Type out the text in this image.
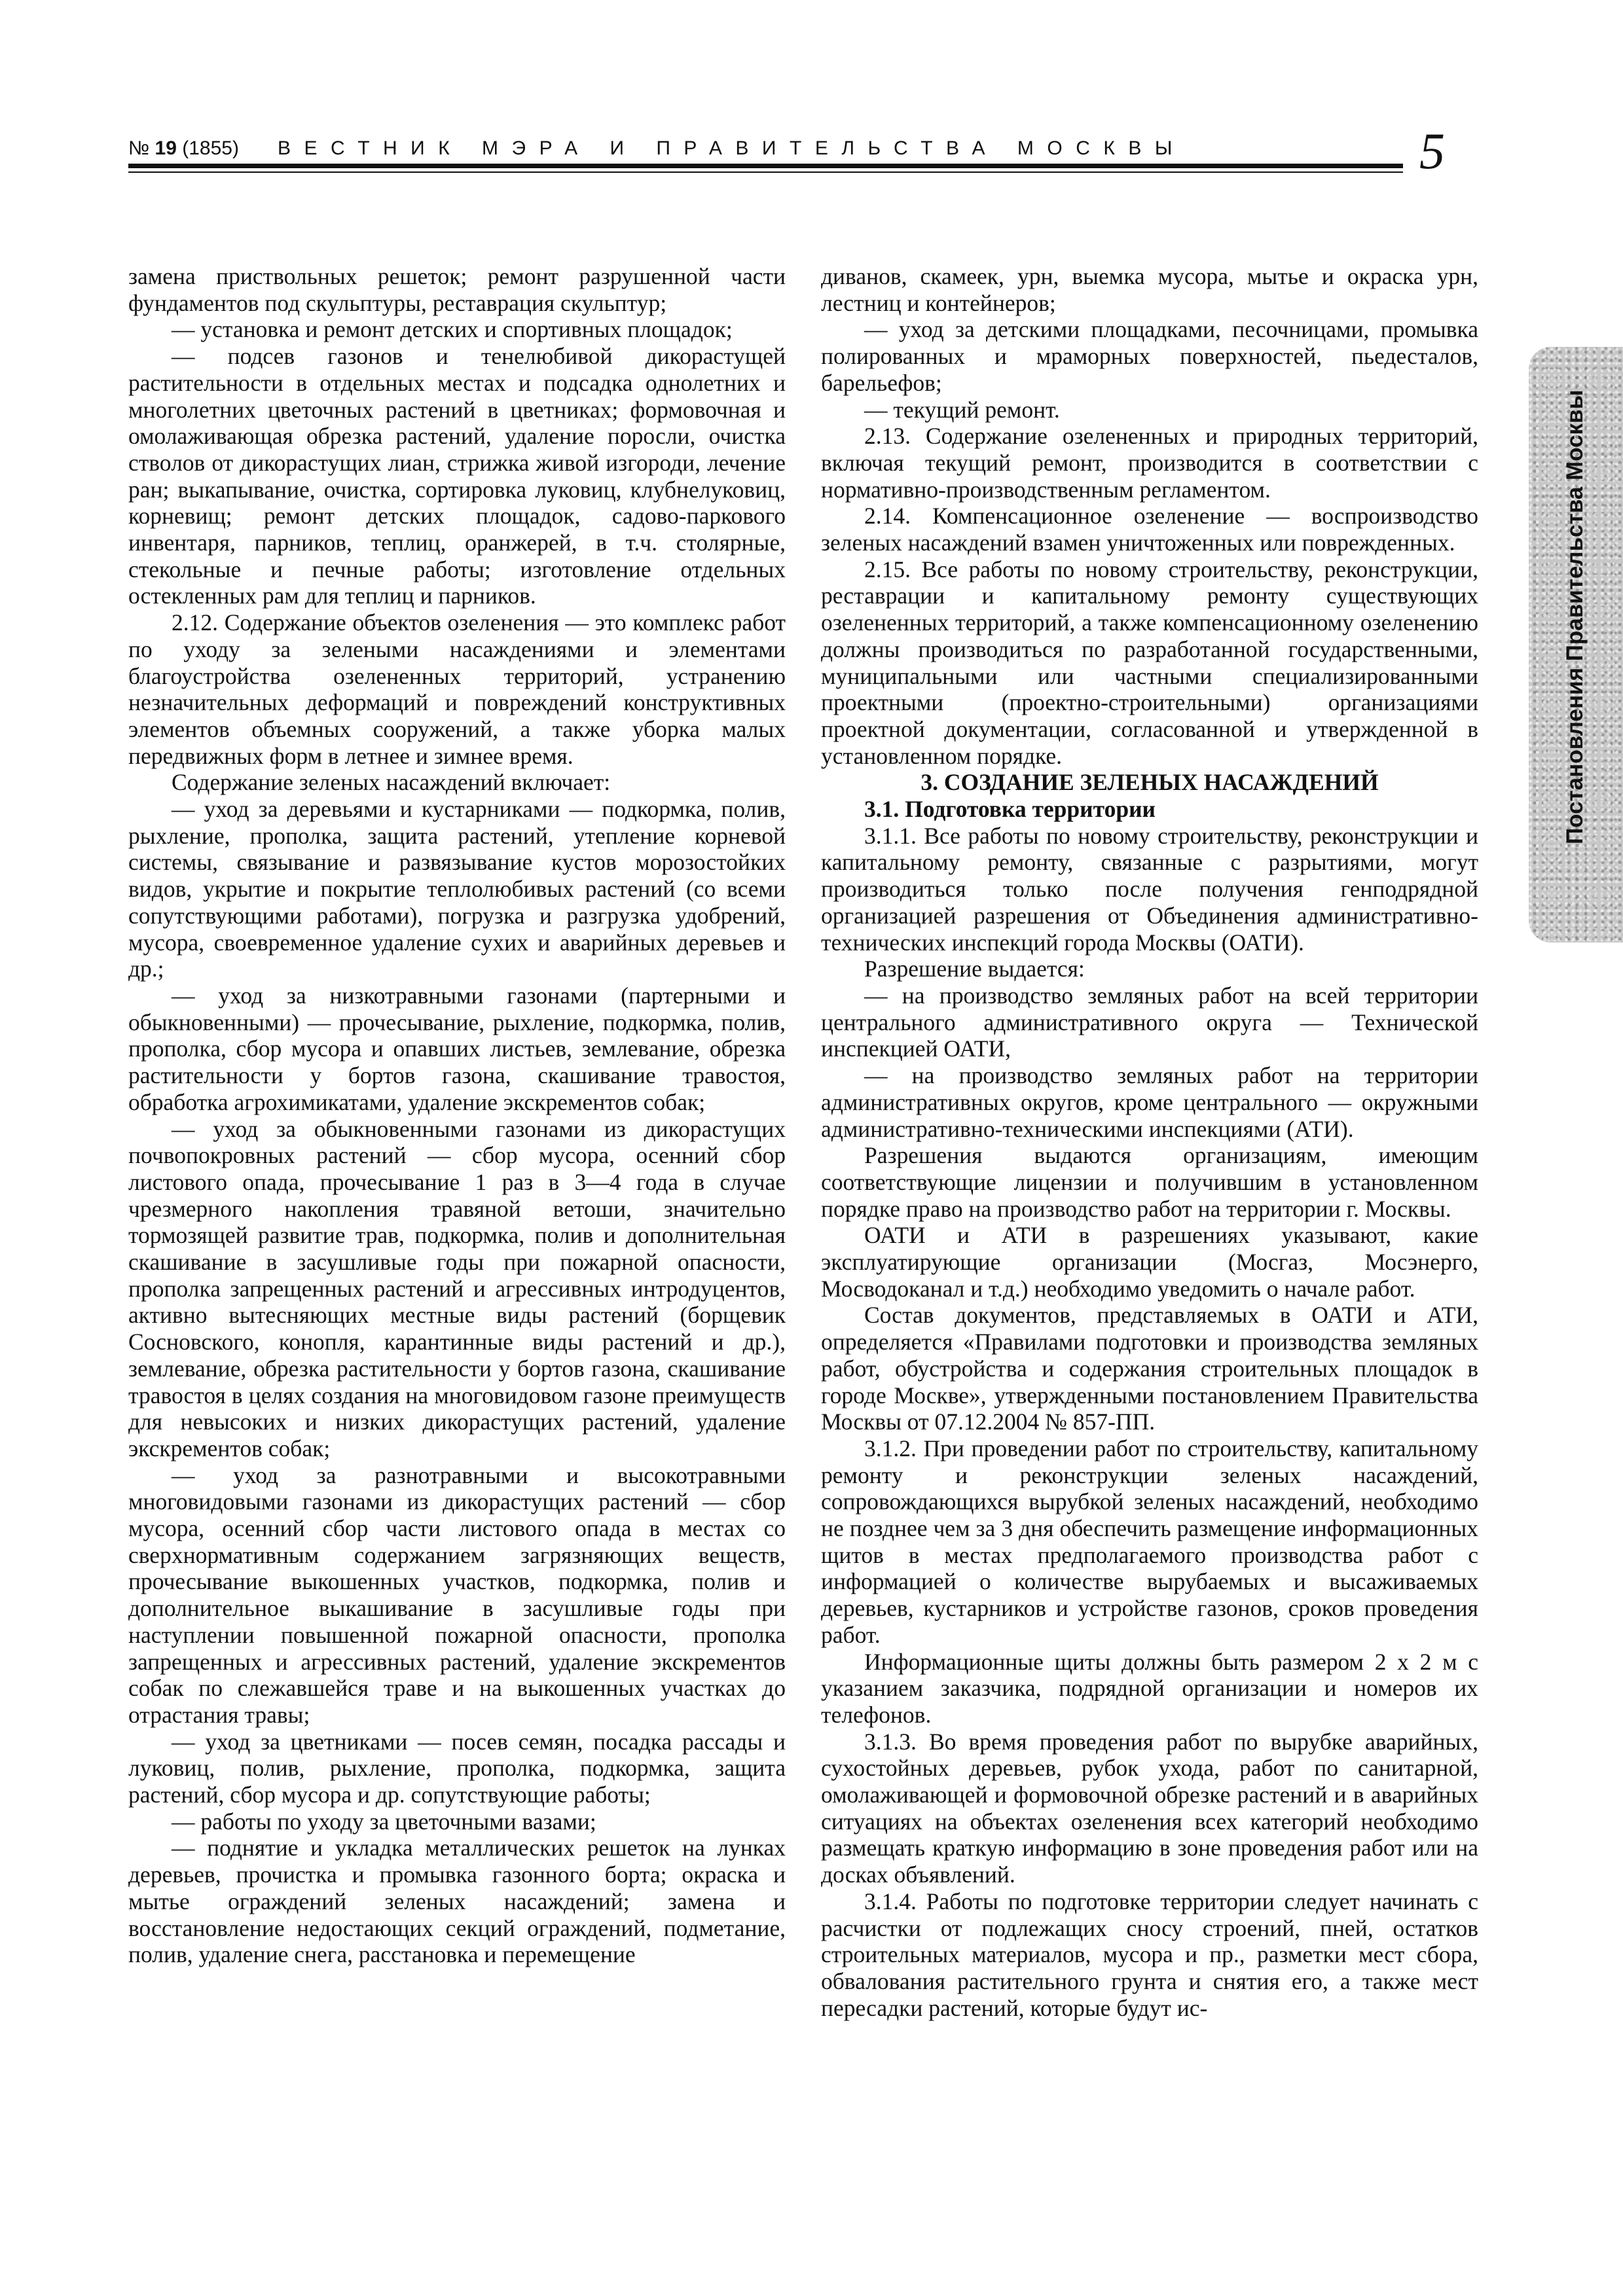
№ 19 (1855) ВЕСТНИК МЭРА И ПРАВИТЕЛЬСТВА МОСКВЫ	5
Постановления Правительства Москвы

замена приствольных решеток; ремонт разрушенной части фундаментов под скульптуры, реставрация скульптур;

— установка и ремонт детских и спортивных площадок;

— подсев газонов и тенелюбивой дикорастущей растительности в отдельных местах и подсадка однолетних и многолетних цветочных растений в цветниках; формовочная и омолаживающая обрезка растений, удаление поросли, очистка стволов от дикорастущих лиан, стрижка живой изгороди, лечение ран; выкапывание, очистка, сортировка луковиц, клубнелуковиц, корневищ; ремонт детских площадок, садово-паркового инвентаря, парников, теплиц, оранжерей, в т.ч. столярные, стекольные и печные работы; изготовление отдельных остекленных рам для теплиц и парников.

2.12. Содержание объектов озеленения — это комплекс работ по уходу за зелеными насаждениями и элементами благоустройства озелененных территорий, устранению незначительных деформаций и повреждений конструктивных элементов объемных сооружений, а также уборка малых передвижных форм в летнее и зимнее время.

Содержание зеленых насаждений включает:

— уход за деревьями и кустарниками — подкормка, полив, рыхление, прополка, защита растений, утепление корневой системы, связывание и развязывание кустов морозостойких видов, укрытие и покрытие теплолюбивых растений (со всеми сопутствующими работами), погрузка и разгрузка удобрений, мусора, своевременное удаление сухих и аварийных деревьев и др.;

— уход за низкотравными газонами (партерными и обыкновенными) — прочесывание, рыхление, подкормка, полив, прополка, сбор мусора и опавших листьев, землевание, обрезка растительности у бортов газона, скашивание травостоя, обработка агрохимикатами, удаление экскрементов собак;

— уход за обыкновенными газонами из дикорастущих почвопокровных растений — сбор мусора, осенний сбор листового опада, прочесывание 1 раз в 3—4 года в случае чрезмерного накопления травяной ветоши, значительно тормозящей развитие трав, подкормка, полив и дополнительная скашивание в засушливые годы при пожарной опасности, прополка запрещенных растений и агрессивных интродуцентов, активно вытесняющих местные виды растений (борщевик Сосновского, конопля, карантинные виды растений и др.), землевание, обрезка растительности у бортов газона, скашивание травостоя в целях создания на многовидовом газоне преимуществ для невысоких и низких дикорастущих растений, удаление экскрементов собак;

— уход за разнотравными и высокотравными многовидовыми газонами из дикорастущих растений — сбор мусора, осенний сбор части листового опада в местах со сверхнормативным содержанием загрязняющих веществ, прочесывание выкошенных участков, подкормка, полив и дополнительное выкашивание в засушливые годы при наступлении повышенной пожарной опасности, прополка запрещенных и агрессивных растений, удаление экскрементов собак по слежавшейся траве и на выкошенных участках до отрастания травы;

— уход за цветниками — посев семян, посадка рассады и луковиц, полив, рыхление, прополка, подкормка, защита растений, сбор мусора и др. сопутствующие работы;

— работы по уходу за цветочными вазами;

— поднятие и укладка металлических решеток на лунках деревьев, прочистка и промывка газонного борта; окраска и мытье ограждений зеленых насаждений; замена и восстановление недостающих секций ограждений, подметание, полив, удаление снега, расстановка и перемещение

диванов, скамеек, урн, выемка мусора, мытье и окраска урн, лестниц и контейнеров;

— уход за детскими площадками, песочницами, промывка полированных и мраморных поверхностей, пьедесталов, барельефов;

— текущий ремонт.

2.13. Содержание озелененных и природных территорий, включая текущий ремонт, производится в соответствии с нормативно-производственным регламентом.

2.14. Компенсационное озеленение — воспроизводство зеленых насаждений взамен уничтоженных или поврежденных.

2.15. Все работы по новому строительству, реконструкции, реставрации и капитальному ремонту существующих озелененных территорий, а также компенсационному озеленению должны производиться по разработанной государственными, муниципальными или частными специализированными проектными (проектно-строительными) организациями проектной документации, согласованной и утвержденной в установленном порядке.

3. СОЗДАНИЕ ЗЕЛЕНЫХ НАСАЖДЕНИЙ
3.1. Подготовка территории

3.1.1. Все работы по новому строительству, реконструкции и капитальному ремонту, связанные с разрытиями, могут производиться только после получения генподрядной организацией разрешения от Объединения административно-технических инспекций города Москвы (ОАТИ).

Разрешение выдается:

— на производство земляных работ на всей территории центрального административного округа — Технической инспекцией ОАТИ,

— на производство земляных работ на территории административных округов, кроме центрального — окружными административно-техническими инспекциями (АТИ).

Разрешения выдаются организациям, имеющим соответствующие лицензии и получившим в установленном порядке право на производство работ на территории г. Москвы.

ОАТИ и АТИ в разрешениях указывают, какие эксплуатирующие организации (Мосгаз, Мосэнерго, Мосводоканал и т.д.) необходимо уведомить о начале работ.

Состав документов, представляемых в ОАТИ и АТИ, определяется «Правилами подготовки и производства земляных работ, обустройства и содержания строительных площадок в городе Москве», утвержденными постановлением Правительства Москвы от 07.12.2004 № 857-ПП.

3.1.2. При проведении работ по строительству, капитальному ремонту и реконструкции зеленых насаждений, сопровождающихся вырубкой зеленых насаждений, необходимо не позднее чем за 3 дня обеспечить размещение информационных щитов в местах предполагаемого производства работ с информацией о количестве вырубаемых и высаживаемых деревьев, кустарников и устройстве газонов, сроков проведения работ.

Информационные щиты должны быть размером 2 х 2 м с указанием заказчика, подрядной организации и номеров их телефонов.

3.1.3. Во время проведения работ по вырубке аварийных, сухостойных деревьев, рубок ухода, работ по санитарной, омолаживающей и формовочной обрезке растений и в аварийных ситуациях на объектах озеленения всех категорий необходимо размещать краткую информацию в зоне проведения работ или на досках объявлений.

3.1.4. Работы по подготовке территории следует начинать с расчистки от подлежащих сносу строений, пней, остатков строительных материалов, мусора и пр., разметки мест сбора, обвалования растительного грунта и снятия его, а также мест пересадки растений, которые будут ис-
